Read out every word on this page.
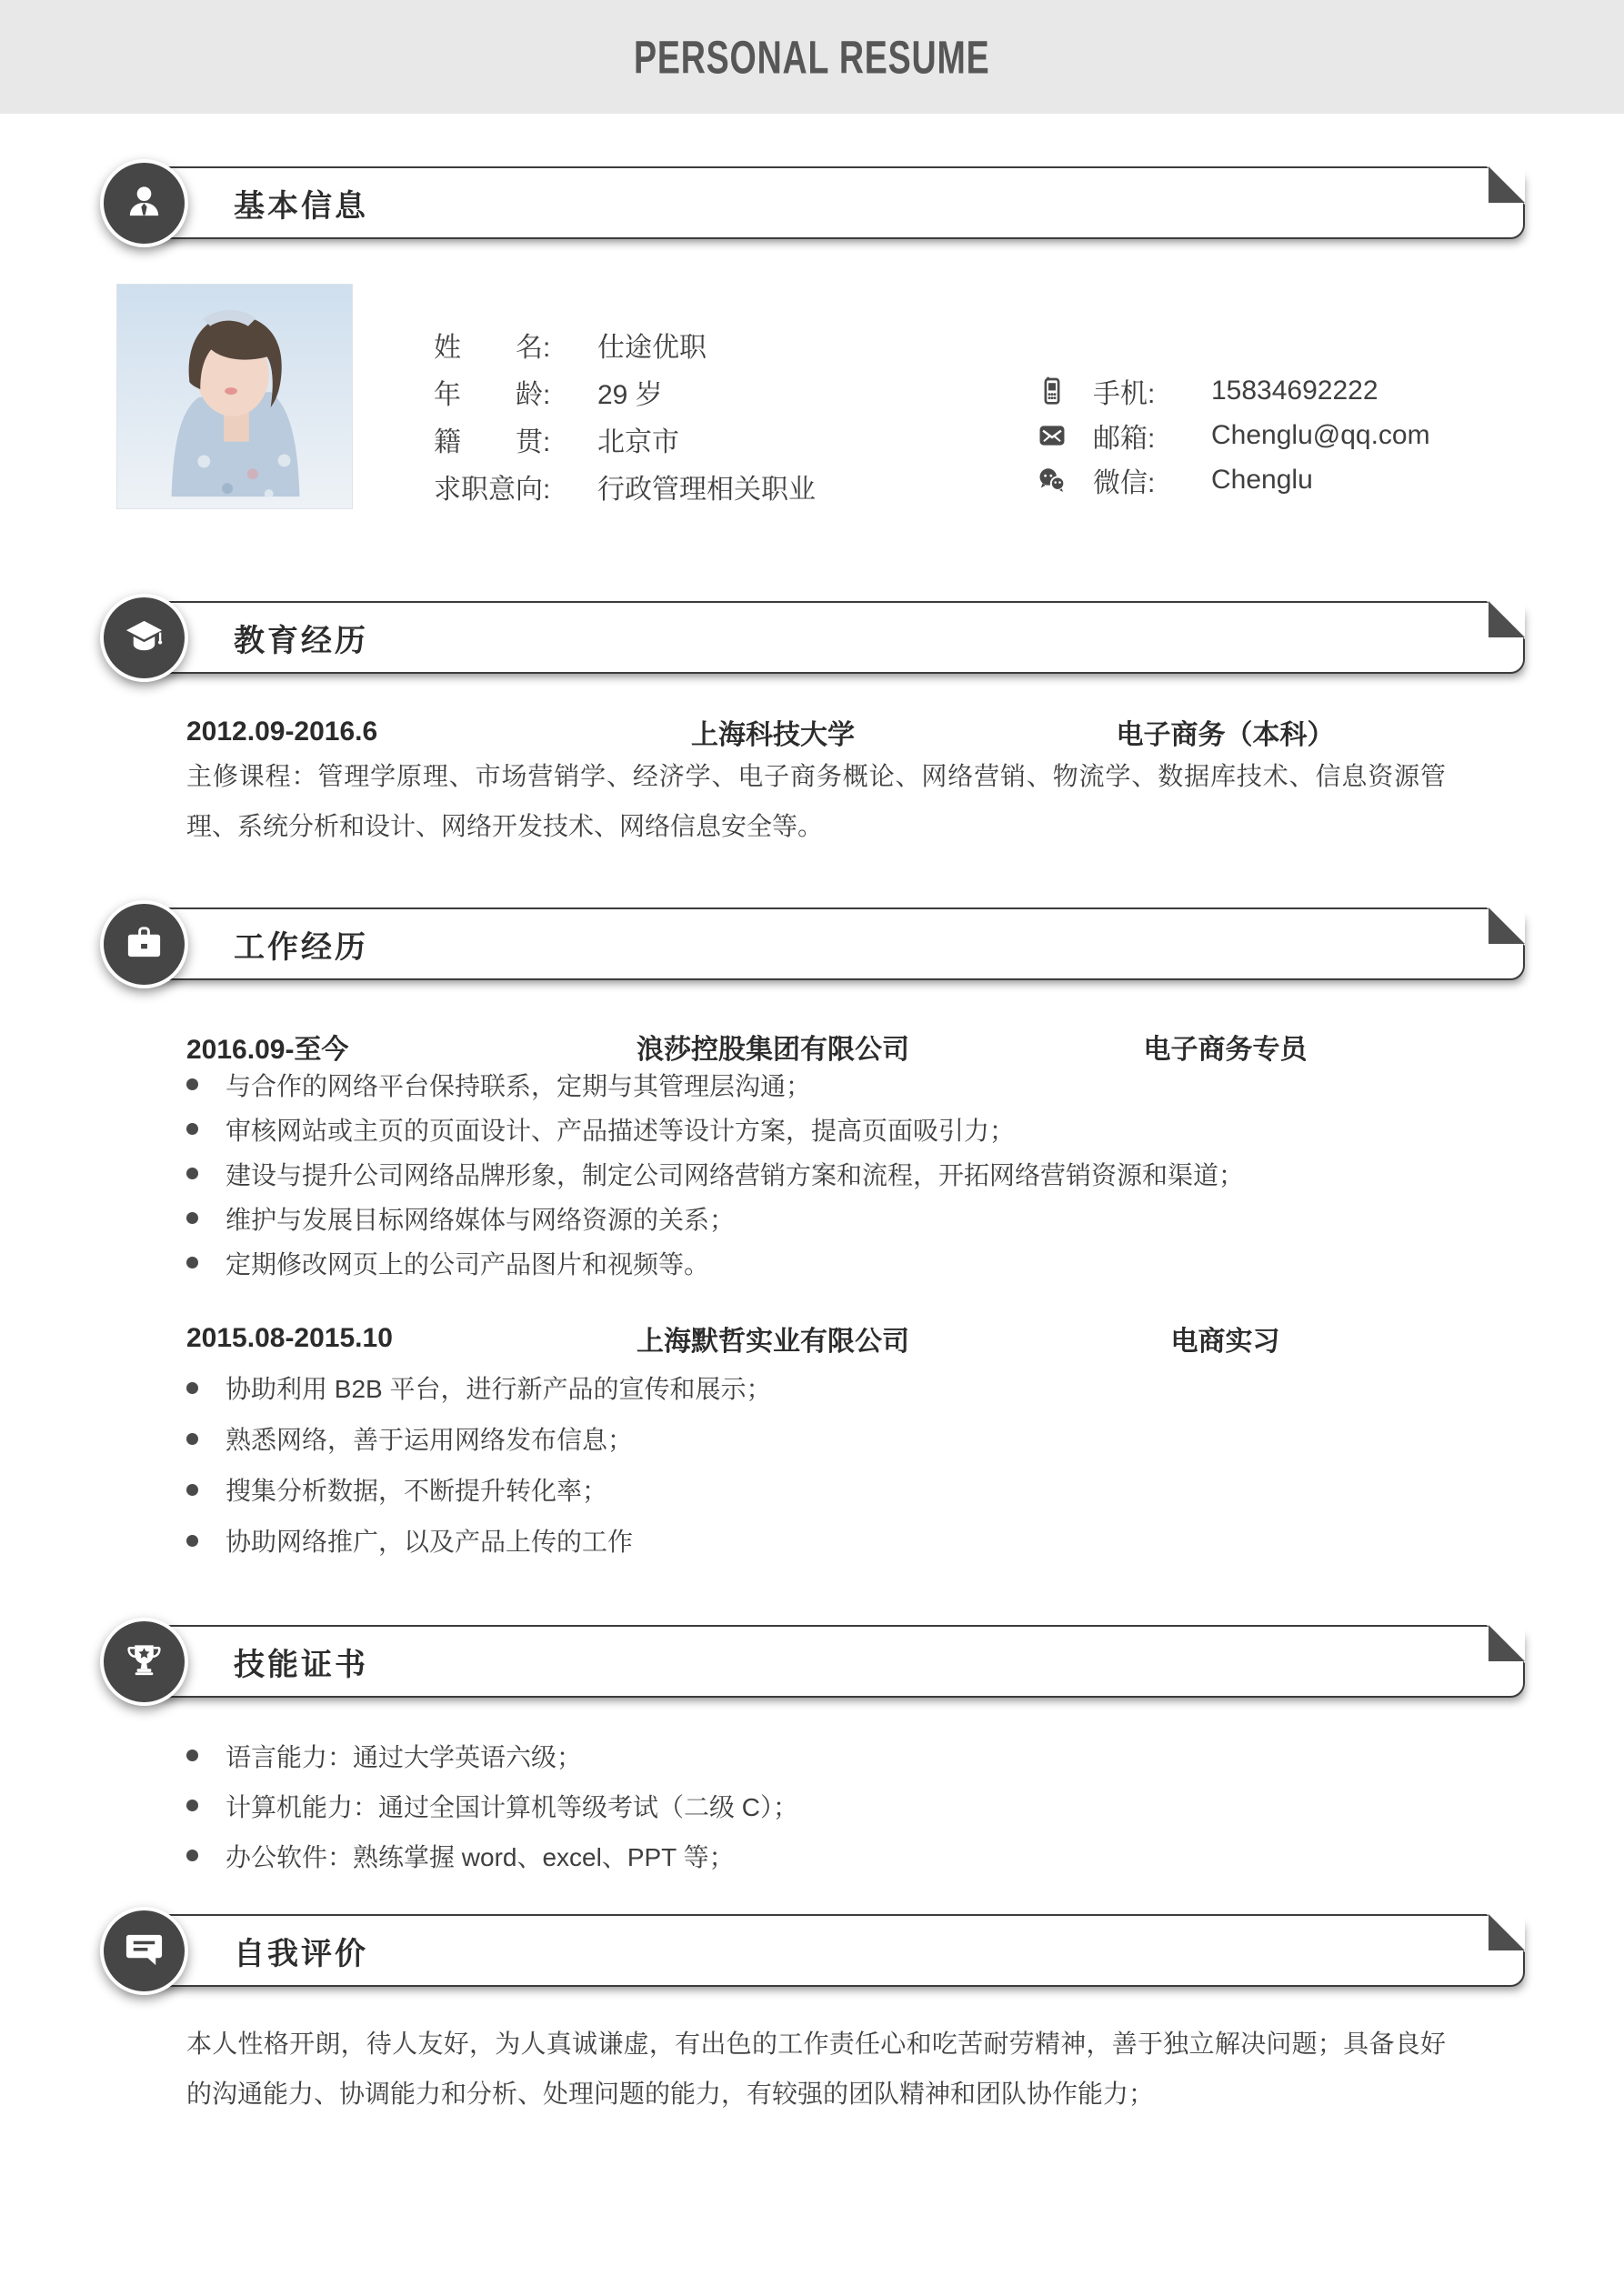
PERSONAL RESUME
基本信息
姓　　名:	仕途优职
年　　龄:	29 岁
籍　　贯:	北京市
求职意向:	行政管理相关职业
手机:	15834692222
邮箱:	Chenglu@qq.com
微信:	Chenglu
教育经历
2012.09-2016.6	上海科技大学	电子商务（本科）

主修课程：管理学原理、市场营销学、经济学、电子商务概论、网络营销、物流学、数据库技术、信息资源管理、系统分析和设计、网络开发技术、网络信息安全等。

工作经历
2016.09-至今	浪莎控股集团有限公司	电子商务专员
与合作的网络平台保持联系，定期与其管理层沟通；
审核网站或主页的页面设计、产品描述等设计方案，提高页面吸引力；
建设与提升公司网络品牌形象，制定公司网络营销方案和流程，开拓网络营销资源和渠道；
维护与发展目标网络媒体与网络资源的关系；
定期修改网页上的公司产品图片和视频等。
2015.08-2015.10	上海默哲实业有限公司	电商实习
协助利用 B2B 平台，进行新产品的宣传和展示；
熟悉网络，善于运用网络发布信息；
搜集分析数据，不断提升转化率；
协助网络推广，以及产品上传的工作
技能证书
语言能力：通过大学英语六级；
计算机能力：通过全国计算机等级考试（二级 C）；
办公软件：熟练掌握 word、excel、PPT 等；
自我评价

本人性格开朗，待人友好，为人真诚谦虚，有出色的工作责任心和吃苦耐劳精神，善于独立解决问题；具备良好的沟通能力、协调能力和分析、处理问题的能力，有较强的团队精神和团队协作能力；
